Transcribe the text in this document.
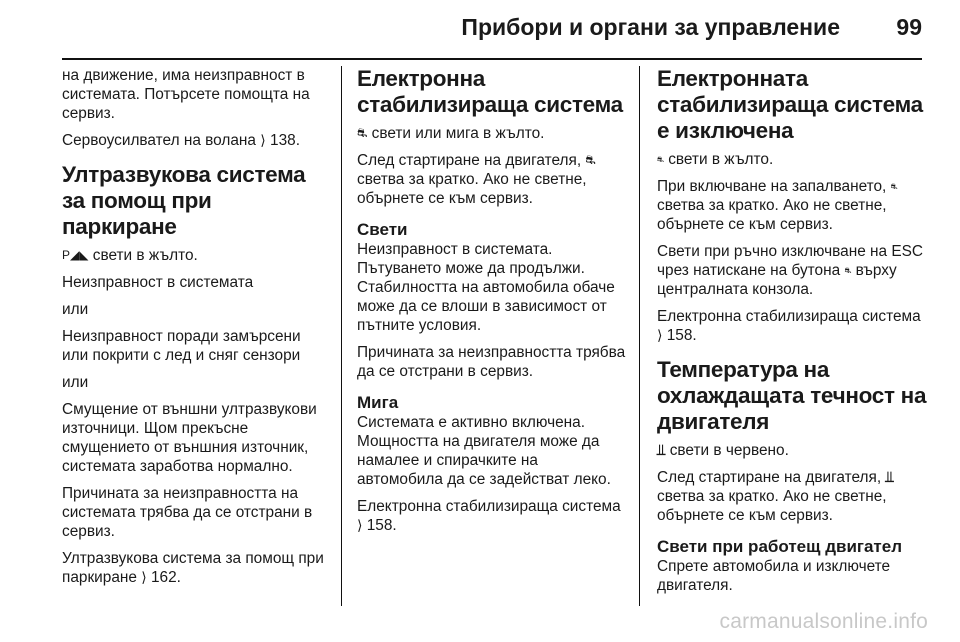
Прибори и органи за управление 99

на движение, има неизправност в системата. Потърсете помощта на сервиз.

Сервоусилвател на волана ⟩ 138.

Ултразвукова система за помощ при паркиране

P◢◣ свети в жълто.

Неизправност в системата

или

Неизправност поради замърсени или покрити с лед и сняг сензори

или

Смущение от външни ултразвукови източници. Щом прекъсне смущението от външния източник, системата заработва нормално.

Причината за неизправността на системата трябва да се отстрани в сервиз.

Ултразвукова система за помощ при паркиране ⟩ 162.

Електронна стабилизираща система

⛐ свети или мига в жълто.

След стартиране на двигателя, ⛐ светва за кратко. Ако не светне, обърнете се към сервиз.

Свети

Неизправност в системата. Пътуването може да продължи. Стабилността на автомобила обаче може да се влоши в зависимост от пътните условия.

Причината за неизправността трябва да се отстрани в сервиз.

Мига

Системата е активно включена. Мощността на двигателя може да намалее и спирачките на автомобила да се задействат леко.

Електронна стабилизираща система ⟩ 158.

Електронната стабилизираща система е изключена

⛐ свети в жълто.

При включване на запалването, ⛐ светва за кратко. Ако не светне, обърнете се към сервиз.

Свети при ръчно изключване на ESC чрез натискане на бутона ⛐ върху централната конзола.

Електронна стабилизираща система ⟩ 158.

Температура на охлаждащата течност на двигателя

⫫ свети в червено.

След стартиране на двигателя, ⫫ светва за кратко. Ако не светне, обърнете се към сервиз.

Свети при работещ двигател

Спрете автомобила и изключете двигателя.

carmanualsonline.info
